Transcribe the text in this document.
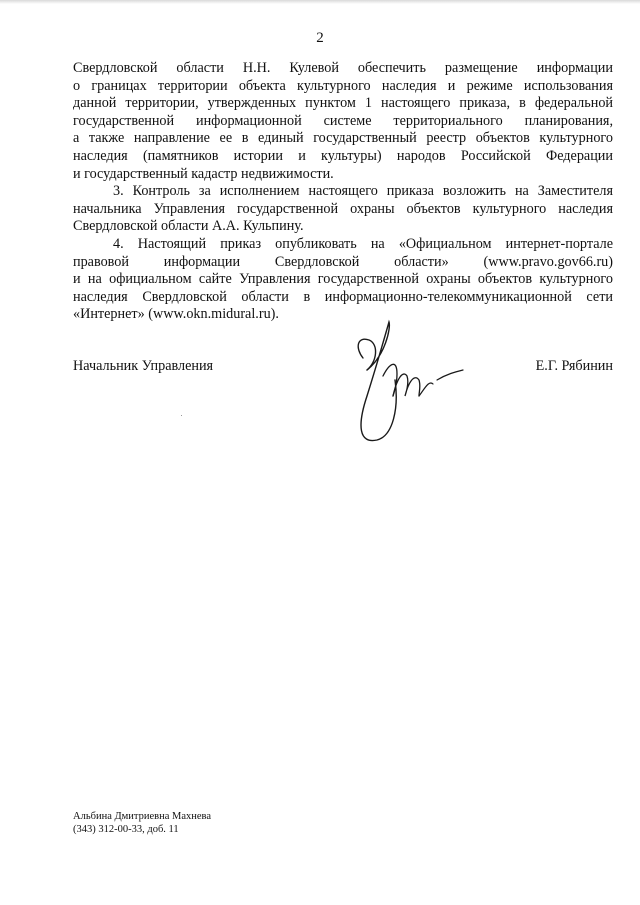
2
Свердловской области Н.Н. Кулевой обеспечить размещение информации
о границах территории объекта культурного наследия и режиме использования
данной территории, утвержденных пунктом 1 настоящего приказа, в федеральной
государственной информационной системе территориального планирования,
а также направление ее в единый государственный реестр объектов культурного
наследия (памятников истории и культуры) народов Российской Федерации
и государственный кадастр недвижимости.
3. Контроль за исполнением настоящего приказа возложить на Заместителя
начальника Управления государственной охраны объектов культурного наследия
Свердловской области А.А. Кульпину.
4. Настоящий приказ опубликовать на «Официальном интернет-портале
правовой информации Свердловской области» (www.pravo.gov66.ru)
и на официальном сайте Управления государственной охраны объектов культурного
наследия Свердловской области в информационно-телекоммуникационной сети
«Интернет» (www.okn.midural.ru).
Начальник Управления	Е.Г. Рябинин
Альбина Дмитриевна Махнева
(343) 312-00-33, доб. 11
